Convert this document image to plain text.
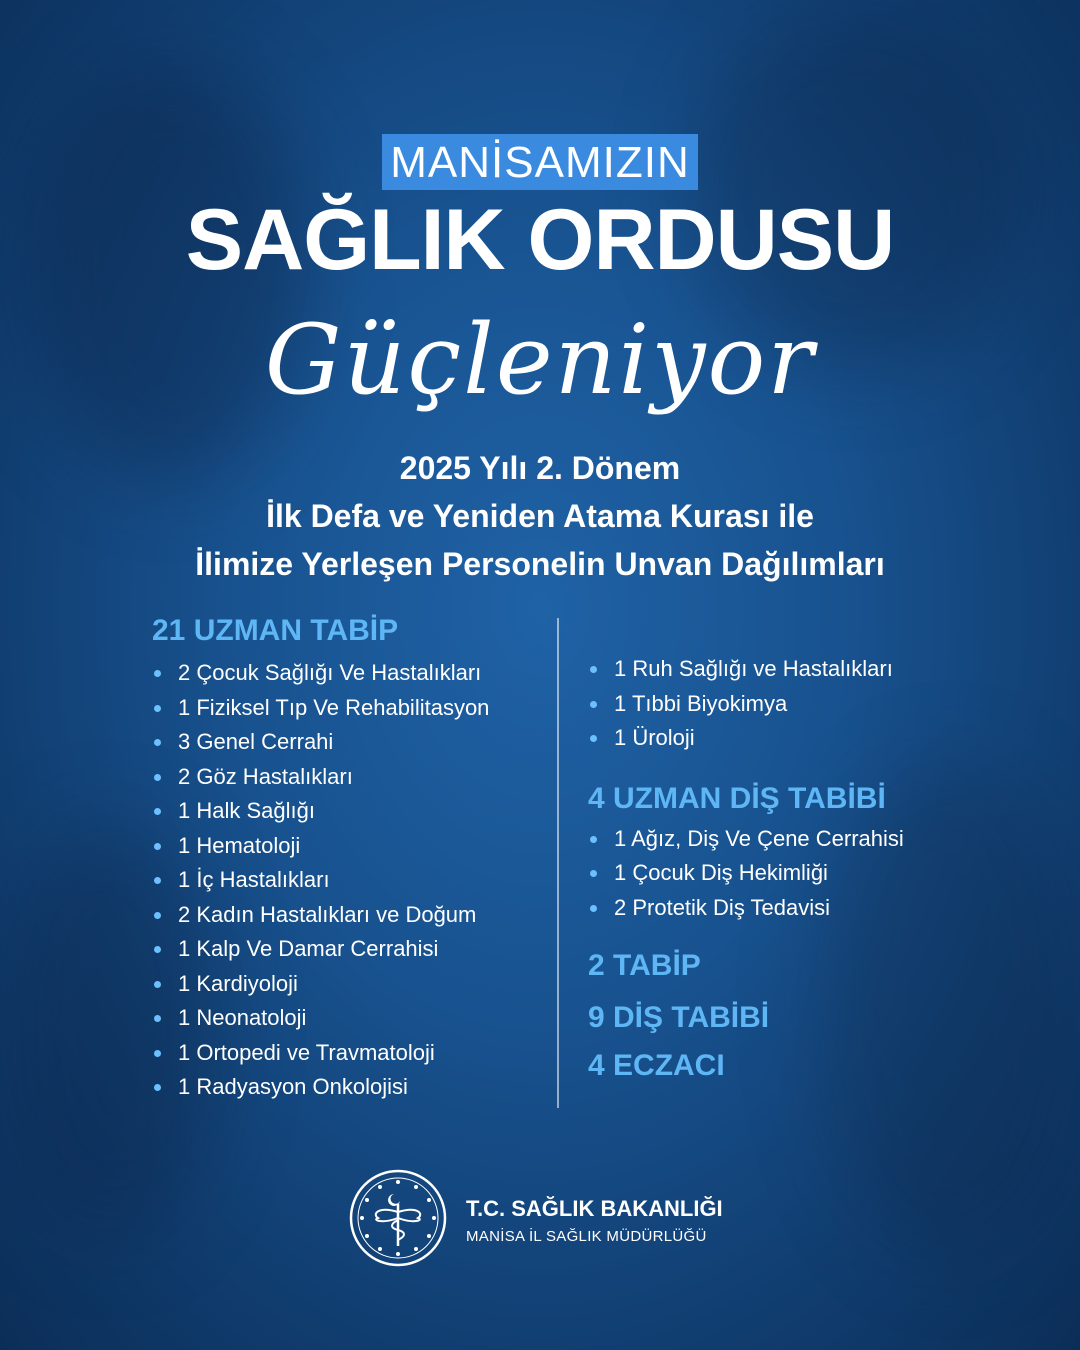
MANİSAMIZIN
SAĞLIK ORDUSU
Güçleniyor
2025 Yılı 2. Dönem
İlk Defa ve Yeniden Atama Kurası ile
İlimize Yerleşen Personelin Unvan Dağılımları
21 UZMAN TABİP
2 Çocuk Sağlığı Ve Hastalıkları
1 Fiziksel Tıp Ve Rehabilitasyon
3 Genel Cerrahi
2 Göz Hastalıkları
1 Halk Sağlığı
1 Hematoloji
1 İç Hastalıkları
2 Kadın Hastalıkları ve Doğum
1 Kalp Ve Damar Cerrahisi
1 Kardiyoloji
1 Neonatoloji
1 Ortopedi ve Travmatoloji
1 Radyasyon Onkolojisi
1 Ruh Sağlığı ve Hastalıkları
1 Tıbbi Biyokimya
1 Üroloji
4 UZMAN DİŞ TABİBİ
1 Ağız, Diş Ve Çene Cerrahisi
1 Çocuk Diş Hekimliği
2 Protetik Diş Tedavisi
2 TABİP
9 DİŞ TABİBİ
4 ECZACI
T.C. SAĞLIK BAKANLIĞI
MANİSA İL SAĞLIK MÜDÜRLÜĞÜ
